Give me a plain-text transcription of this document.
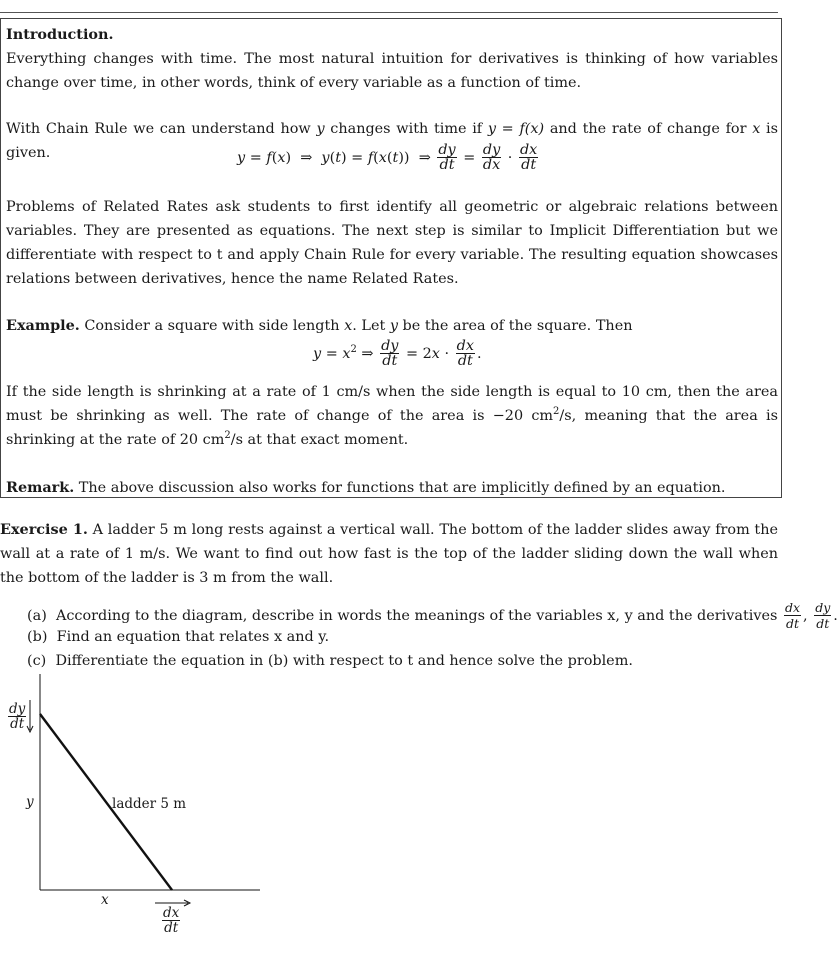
Introduction.
Everything changes with time. The most natural intuition for derivatives is thinking of how variables change over time, in other words, think of every variable as a function of time.
With Chain Rule we can understand how y changes with time if y = f(x) and the rate of change for x is given.	y = f(x)  ⇒  y(t) = f(x(t))  ⇒ $\frac{dy}{dt} = \frac{dy}{dx} \cdot \frac{dx}{dt}$
Problems of Related Rates ask students to first identify all geometric or algebraic relations between variables. They are presented as equations. The next step is similar to Implicit Differentiation but we differentiate with respect to t and apply Chain Rule for every variable. The resulting equation showcases relations between derivatives, hence the name Related Rates.
Example. Consider a square with side length x. Let y be the area of the square. Then
$y = x^2$ ⇒ $\frac{dy}{dt} = 2x \cdot \frac{dx}{dt}$ .
If the side length is shrinking at a rate of 1 cm/s when the side length is equal to 10 cm, then the area must be shrinking as well. The rate of change of the area is −20 $cm^2/s$, meaning that the area is shrinking at the rate of 20 $cm^2/s$ at that exact moment.
Remark. The above discussion also works for functions that are implicitly defined by an equation.
Exercise 1. A ladder 5 m long rests against a vertical wall. The bottom of the ladder slides away from the wall at a rate of 1 m/s. We want to find out how fast is the top of the ladder sliding down the wall when the bottom of the ladder is 3 m from the wall.
(a) According to the diagram, describe in words the meanings of the variables x, y and the derivatives $\frac{dx}{dt}$ , $\frac{dy}{dt}$ .
(b) Find an equation that relates x and y.
(c) Differentiate the equation in (b) with respect to t and hence solve the problem.
$\frac{dy}{dt}$
y	ladder 5 m
x
$\frac{dx}{dt}$
